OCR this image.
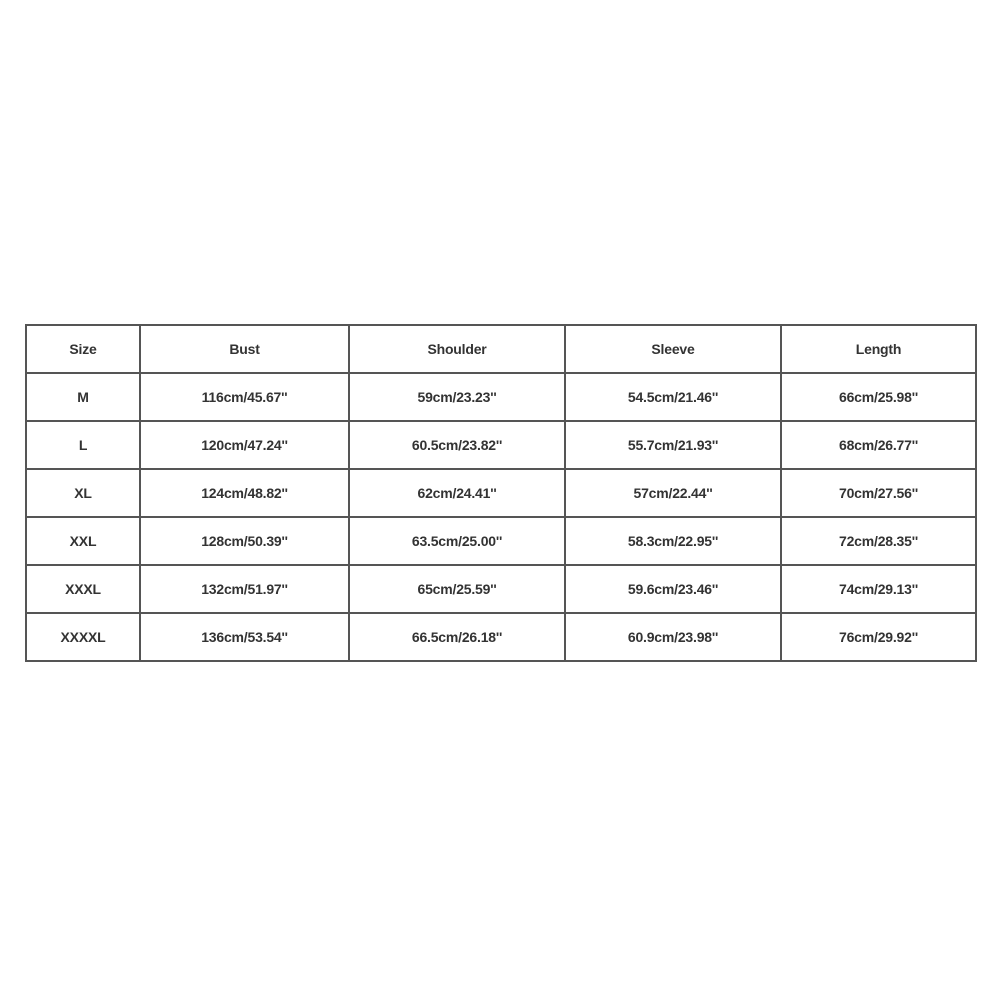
Size	Bust	Shoulder	Sleeve	Length
M	116cm/45.67''	59cm/23.23''	54.5cm/21.46''	66cm/25.98''
L	120cm/47.24''	60.5cm/23.82''	55.7cm/21.93''	68cm/26.77''
XL	124cm/48.82''	62cm/24.41''	57cm/22.44''	70cm/27.56''
XXL	128cm/50.39''	63.5cm/25.00''	58.3cm/22.95''	72cm/28.35''
XXXL	132cm/51.97''	65cm/25.59''	59.6cm/23.46''	74cm/29.13''
XXXXL	136cm/53.54''	66.5cm/26.18''	60.9cm/23.98''	76cm/29.92''
